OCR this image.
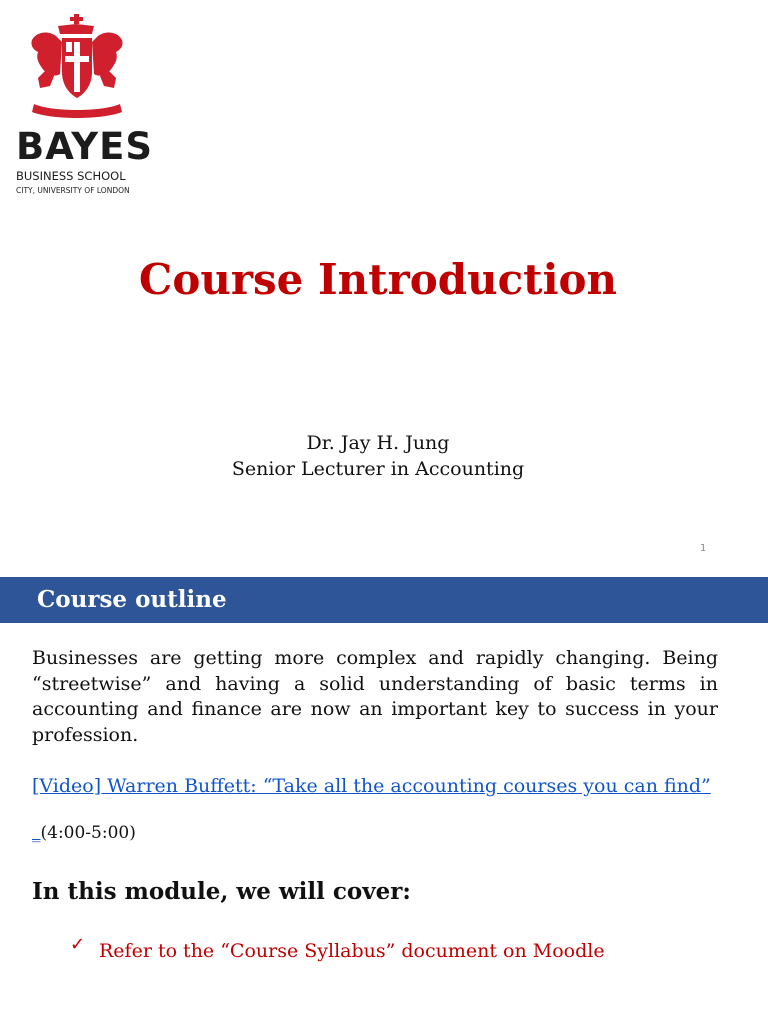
BAYES
BUSINESS SCHOOL
CITY, UNIVERSITY OF LONDON
Course Introduction
Dr. Jay H. Jung
Senior Lecturer in Accounting
1
Course outline

Businesses are getting more complex and rapidly changing. Being “streetwise” and having a solid understanding of basic terms in accounting and finance are now an important key to success in your profession.

[Video] Warren Buffett: “Take all the accounting courses you can find”
_(4:00-5:00)
In this module, we will cover:
✓ Refer to the “Course Syllabus” document on Moodle
